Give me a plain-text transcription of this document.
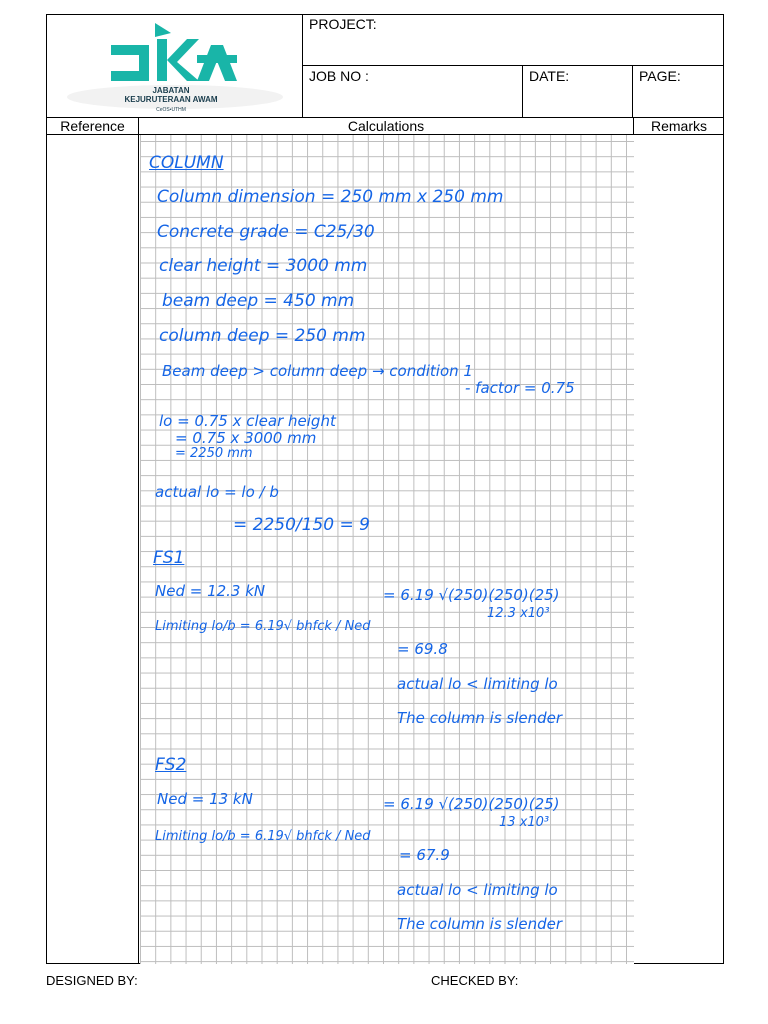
JABATAN
KEJURUTERAAN AWAM
CeOS•UTHM
PROJECT:
JOB NO :	DATE:	PAGE:
Reference	Calculations	Remarks
COLUMN
Column dimension = 250 mm x 250 mm
Concrete grade = C25/30
clear height = 3000 mm
beam deep = 450 mm
column deep = 250 mm
Beam deep > column deep → condition 1
- factor = 0.75
lo = 0.75 x clear height
= 0.75 x 3000 mm
= 2250 mm
actual lo = lo / b
= 2250/150 = 9
FS1
Ned = 12.3 kN	= 6.19 √(250)(250)(25)
12.3 x10³
Limiting lo/b = 6.19√ bhfck / Ned
= 69.8
actual lo < limiting lo
The column is slender
FS2
Ned = 13 kN	= 6.19 √(250)(250)(25)
13 x10³
Limiting lo/b = 6.19√ bhfck / Ned
= 67.9
actual lo < limiting lo
The column is slender
DESIGNED BY:	CHECKED BY:
